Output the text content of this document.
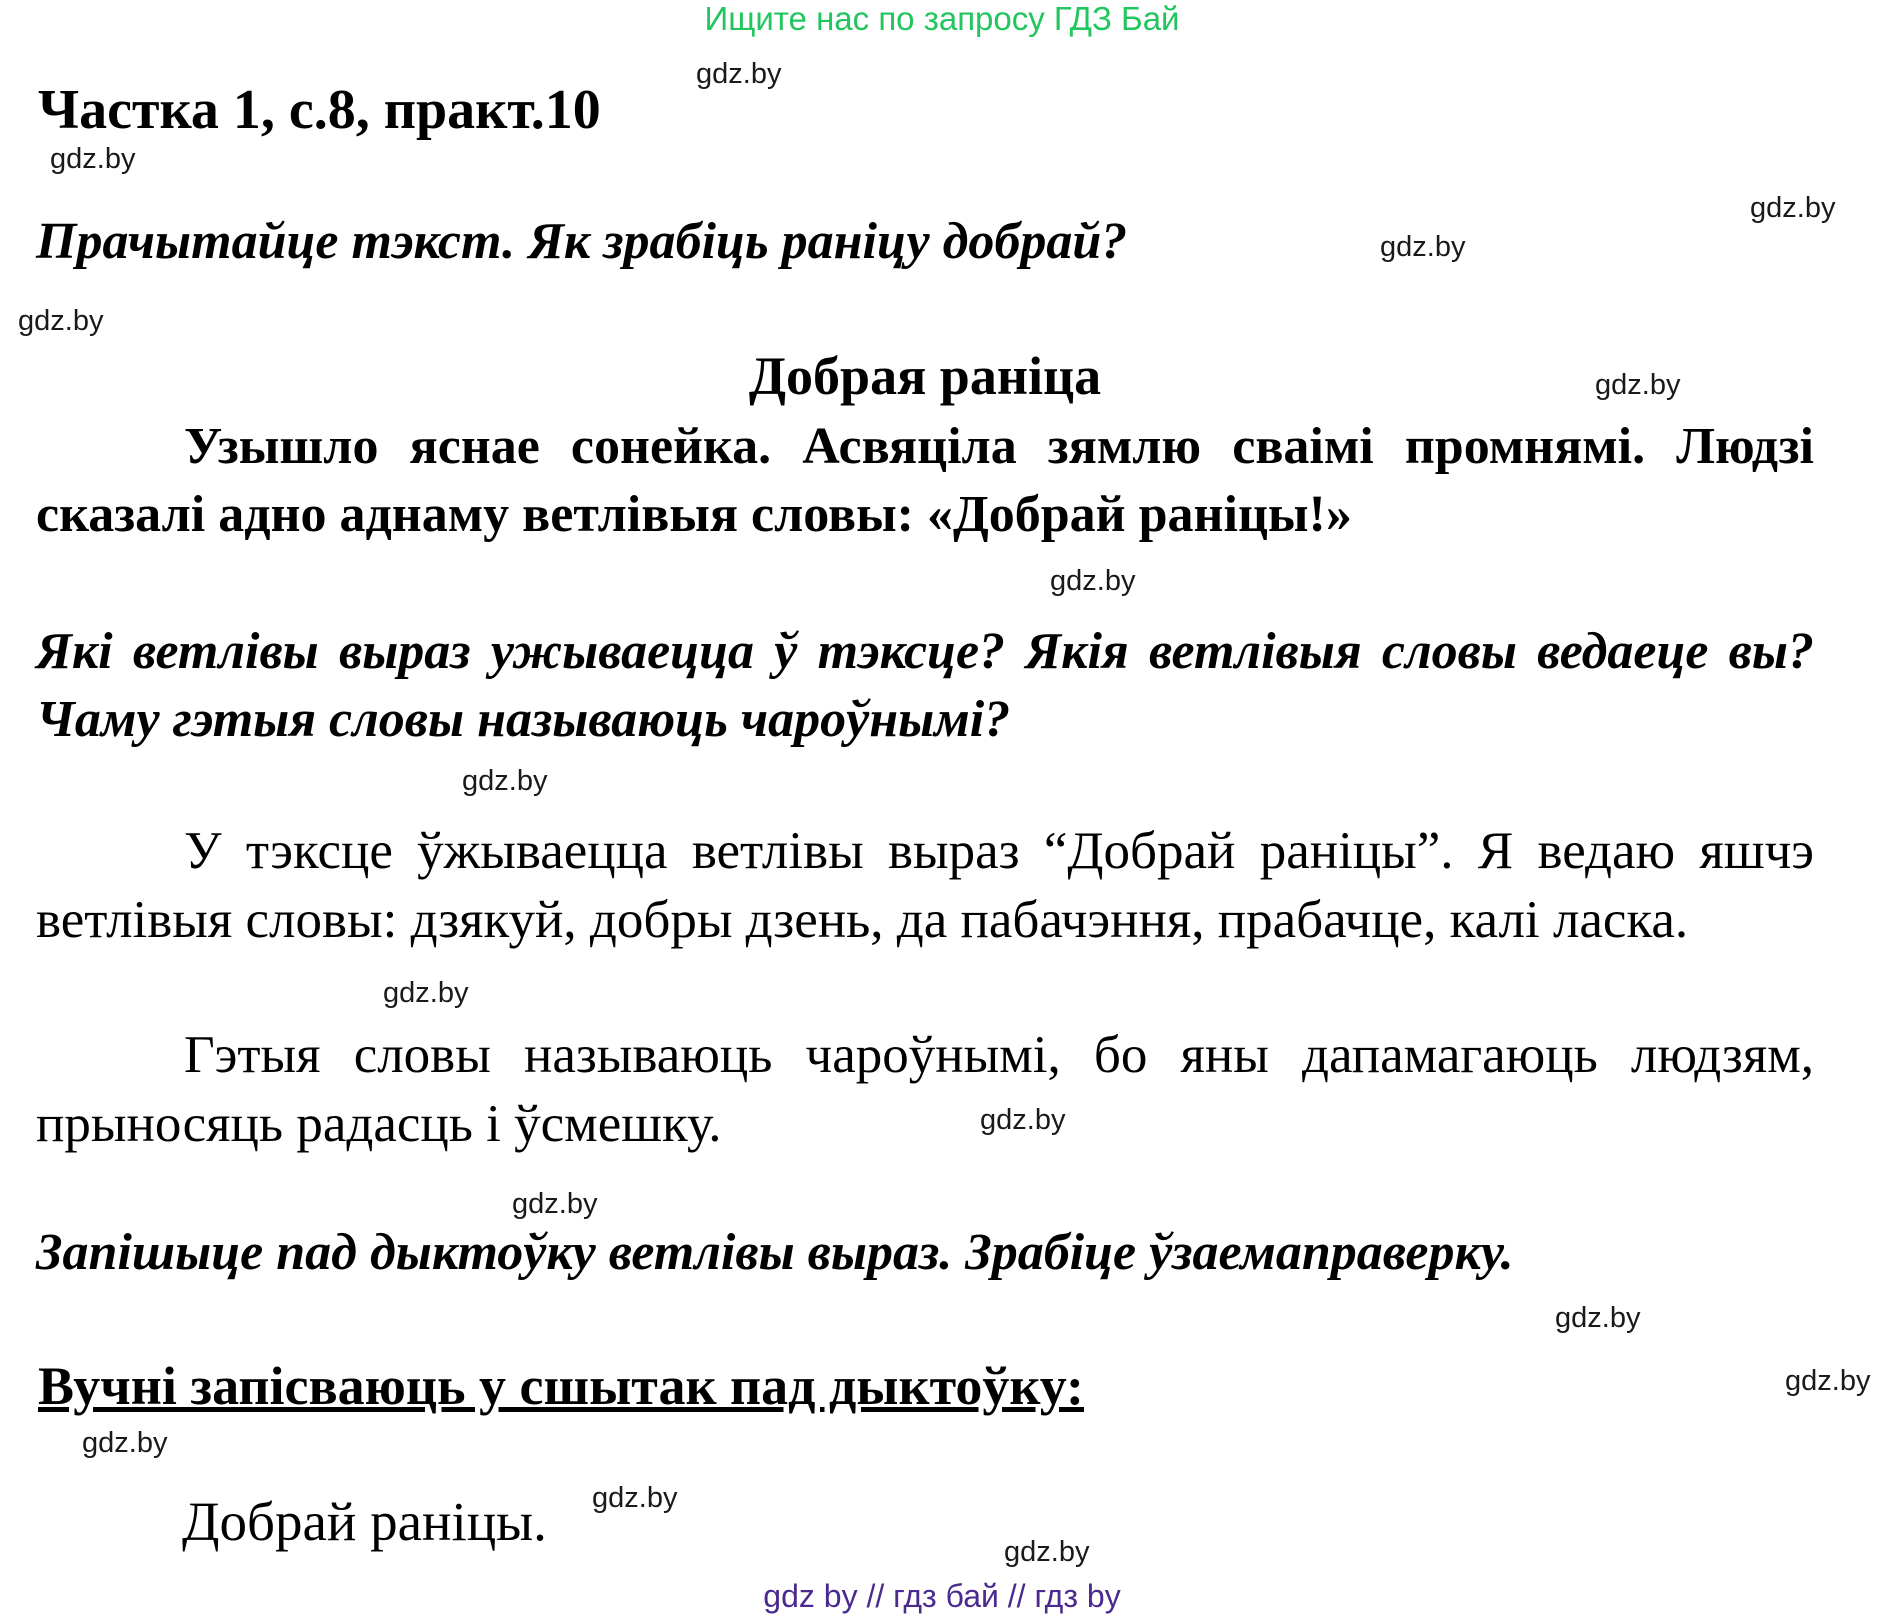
Ищите нас по запросу ГДЗ Бай
Частка 1, с.8, практ.10
Прачытайце тэкст. Як зрабіць раніцу добрай?
Добрая раніца
Узышло яснае сонейка. Асвяціла зямлю сваімі промнямі. Людзі сказалі адно аднаму ветлівыя словы: «Добрай раніцы!»
Які ветлівы выраз ужываецца ў тэксце? Якія ветлівыя словы ведаеце вы? Чаму гэтыя словы называюць чароўнымі?
У тэксце ўжываецца ветлівы выраз “Добрай раніцы”. Я ведаю яшчэ ветлівыя словы: дзякуй, добры дзень, да пабачэння, прабачце, калі ласка.
Гэтыя словы называюць чароўнымі, бо яны дапамагаюць людзям, прыносяць радасць і ўсмешку.
Запішыце пад дыктоўку ветлівы выраз. Зрабіце ўзаемаправерку.
Вучні запісваюць у сшытак пад дыктоўку:
Добрай раніцы.
gdz.by
gdz.by
gdz.by
gdz.by
gdz.by
gdz.by
gdz.by
gdz.by
gdz.by
gdz.by
gdz.by
gdz.by
gdz.by
gdz.by
gdz.by
gdz.by
gdz by // гдз бай // гдз by
